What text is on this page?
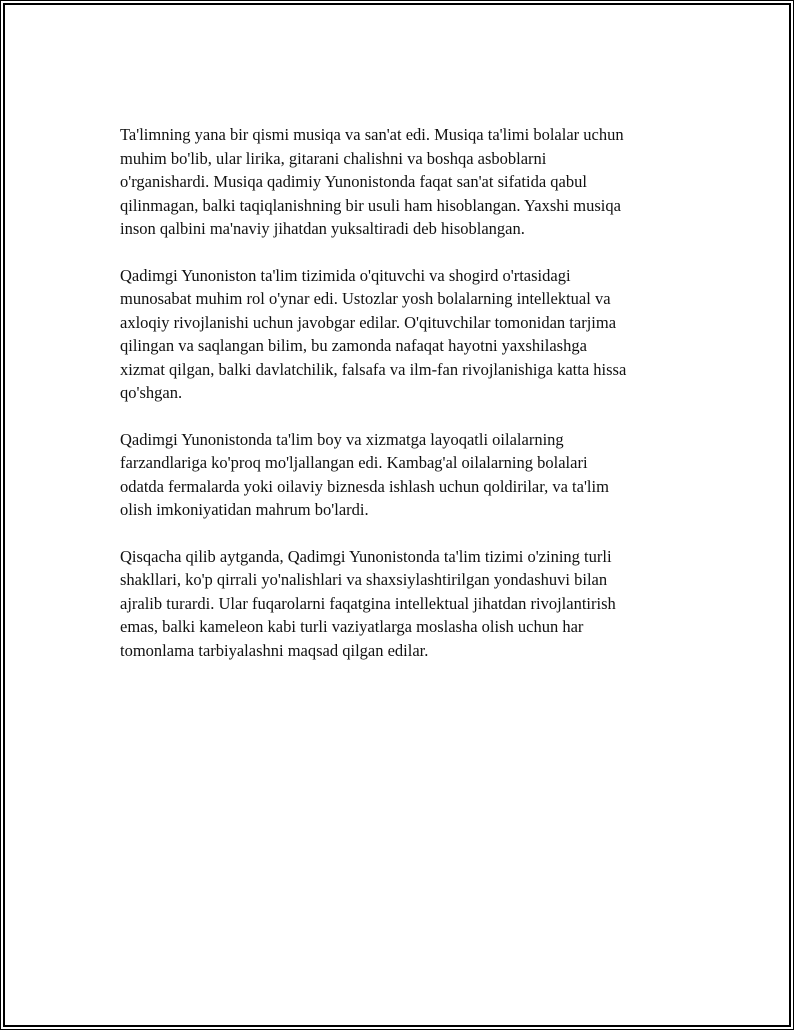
Ta'limning yana bir qismi musiqa va san'at edi. Musiqa ta'limi bolalar uchun
muhim bo'lib, ular lirika, gitarani chalishni va boshqa asboblarni
o'rganishardi. Musiqa qadimiy Yunonistonda faqat san'at sifatida qabul
qilinmagan, balki taqiqlanishning bir usuli ham hisoblangan. Yaxshi musiqa
inson qalbini ma'naviy jihatdan yuksaltiradi deb hisoblangan.

Qadimgi Yunoniston ta'lim tizimida o'qituvchi va shogird o'rtasidagi
munosabat muhim rol o'ynar edi. Ustozlar yosh bolalarning intellektual va
axloqiy rivojlanishi uchun javobgar edilar. O'qituvchilar tomonidan tarjima
qilingan va saqlangan bilim, bu zamonda nafaqat hayotni yaxshilashga
xizmat qilgan, balki davlatchilik, falsafa va ilm-fan rivojlanishiga katta hissa
qo'shgan.

Qadimgi Yunonistonda ta'lim boy va xizmatga layoqatli oilalarning
farzandlariga ko'proq mo'ljallangan edi. Kambag'al oilalarning bolalari
odatda fermalarda yoki oilaviy biznesda ishlash uchun qoldirilar, va ta'lim
olish imkoniyatidan mahrum bo'lardi.

Qisqacha qilib aytganda, Qadimgi Yunonistonda ta'lim tizimi o'zining turli
shakllari, ko'p qirrali yo'nalishlari va shaxsiylashtirilgan yondashuvi bilan
ajralib turardi. Ular fuqarolarni faqatgina intellektual jihatdan rivojlantirish
emas, balki kameleon kabi turli vaziyatlarga moslasha olish uchun har
tomonlama tarbiyalashni maqsad qilgan edilar.
